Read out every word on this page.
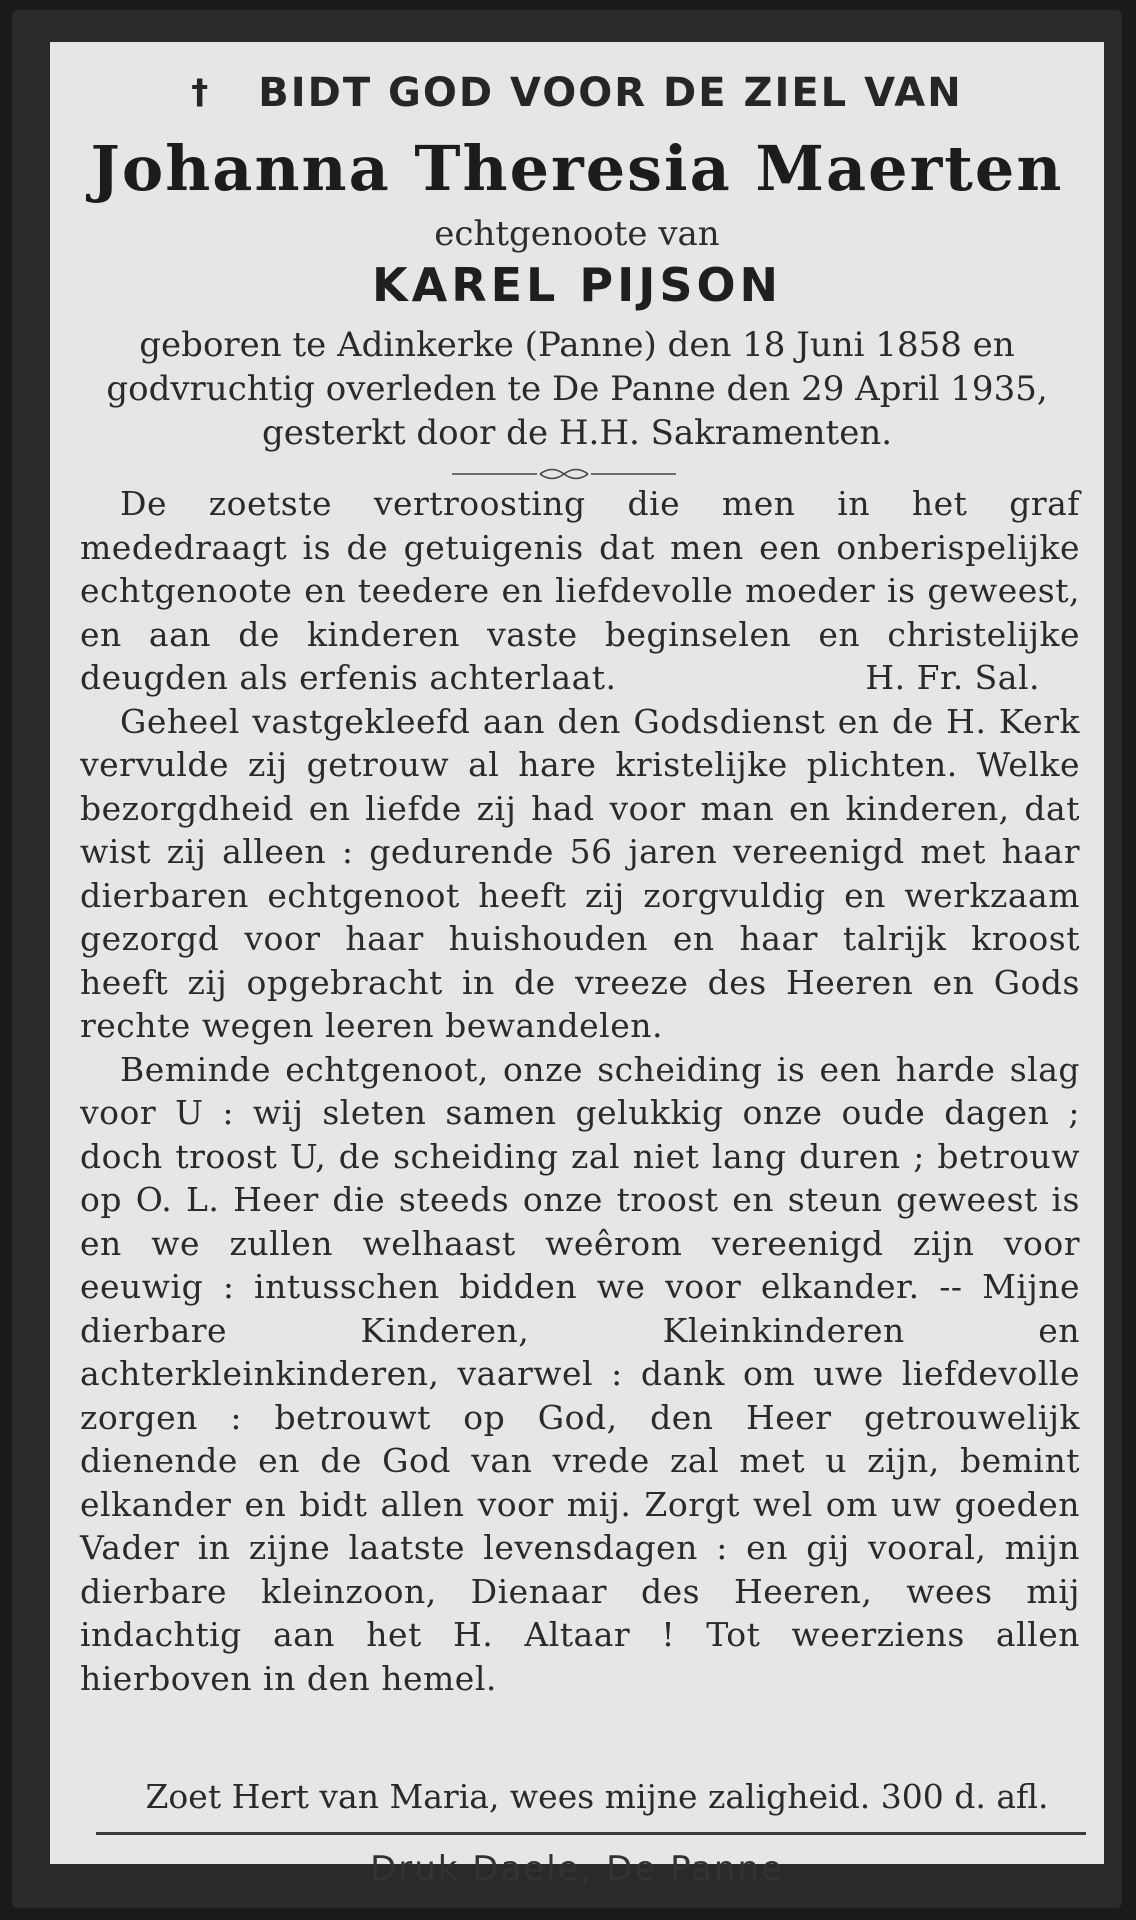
† BIDT GOD VOOR DE ZIEL VAN
Johanna Theresia Maerten
echtgenoote van
KAREL PIJSON
geboren te Adinkerke (Panne) den 18 Juni 1858 en
godvruchtig overleden te De Panne den 29 April 1935,
gesterkt door de H.H. Sakramenten.

De zoetste vertroosting die men in het graf mededraagt is de getuigenis dat men een onberispelijke echtgenoote en teedere en liefdevolle moeder is geweest, en aan de kinderen vaste beginselen en christelijke deugden als erfenis achterlaat.	H. Fr. Sal.

Geheel vastgekleefd aan den Godsdienst en de H. Kerk vervulde zij getrouw al hare kristelijke plichten. Welke bezorgdheid en liefde zij had voor man en kinderen, dat wist zij alleen : gedurende 56 jaren vereenigd met haar dierbaren echtgenoot heeft zij zorgvuldig en werkzaam gezorgd voor haar huishouden en haar talrijk kroost heeft zij opgebracht in de vreeze des Heeren en Gods rechte wegen leeren bewandelen.

Beminde echtgenoot, onze scheiding is een harde slag voor U : wij sleten samen gelukkig onze oude dagen ; doch troost U, de scheiding zal niet lang duren ; betrouw op O. L. Heer die steeds onze troost en steun geweest is en we zullen welhaast weêrom vereenigd zijn voor eeuwig : intusschen bidden we voor elkander. -- Mijne dierbare Kinderen, Kleinkinderen en achterkleinkinderen, vaarwel : dank om uwe liefdevolle zorgen : betrouwt op God, den Heer getrouwelijk dienende en de God van vrede zal met u zijn, bemint elkander en bidt allen voor mij. Zorgt wel om uw goeden Vader in zijne laatste levensdagen : en gij vooral, mijn dierbare kleinzoon, Dienaar des Heeren, wees mij indachtig aan het H. Altaar ! Tot weerziens allen hierboven in den hemel.

Zoet Hert van Maria, wees mijne zaligheid. 300 d. afl.
Druk Daele, De Panne
